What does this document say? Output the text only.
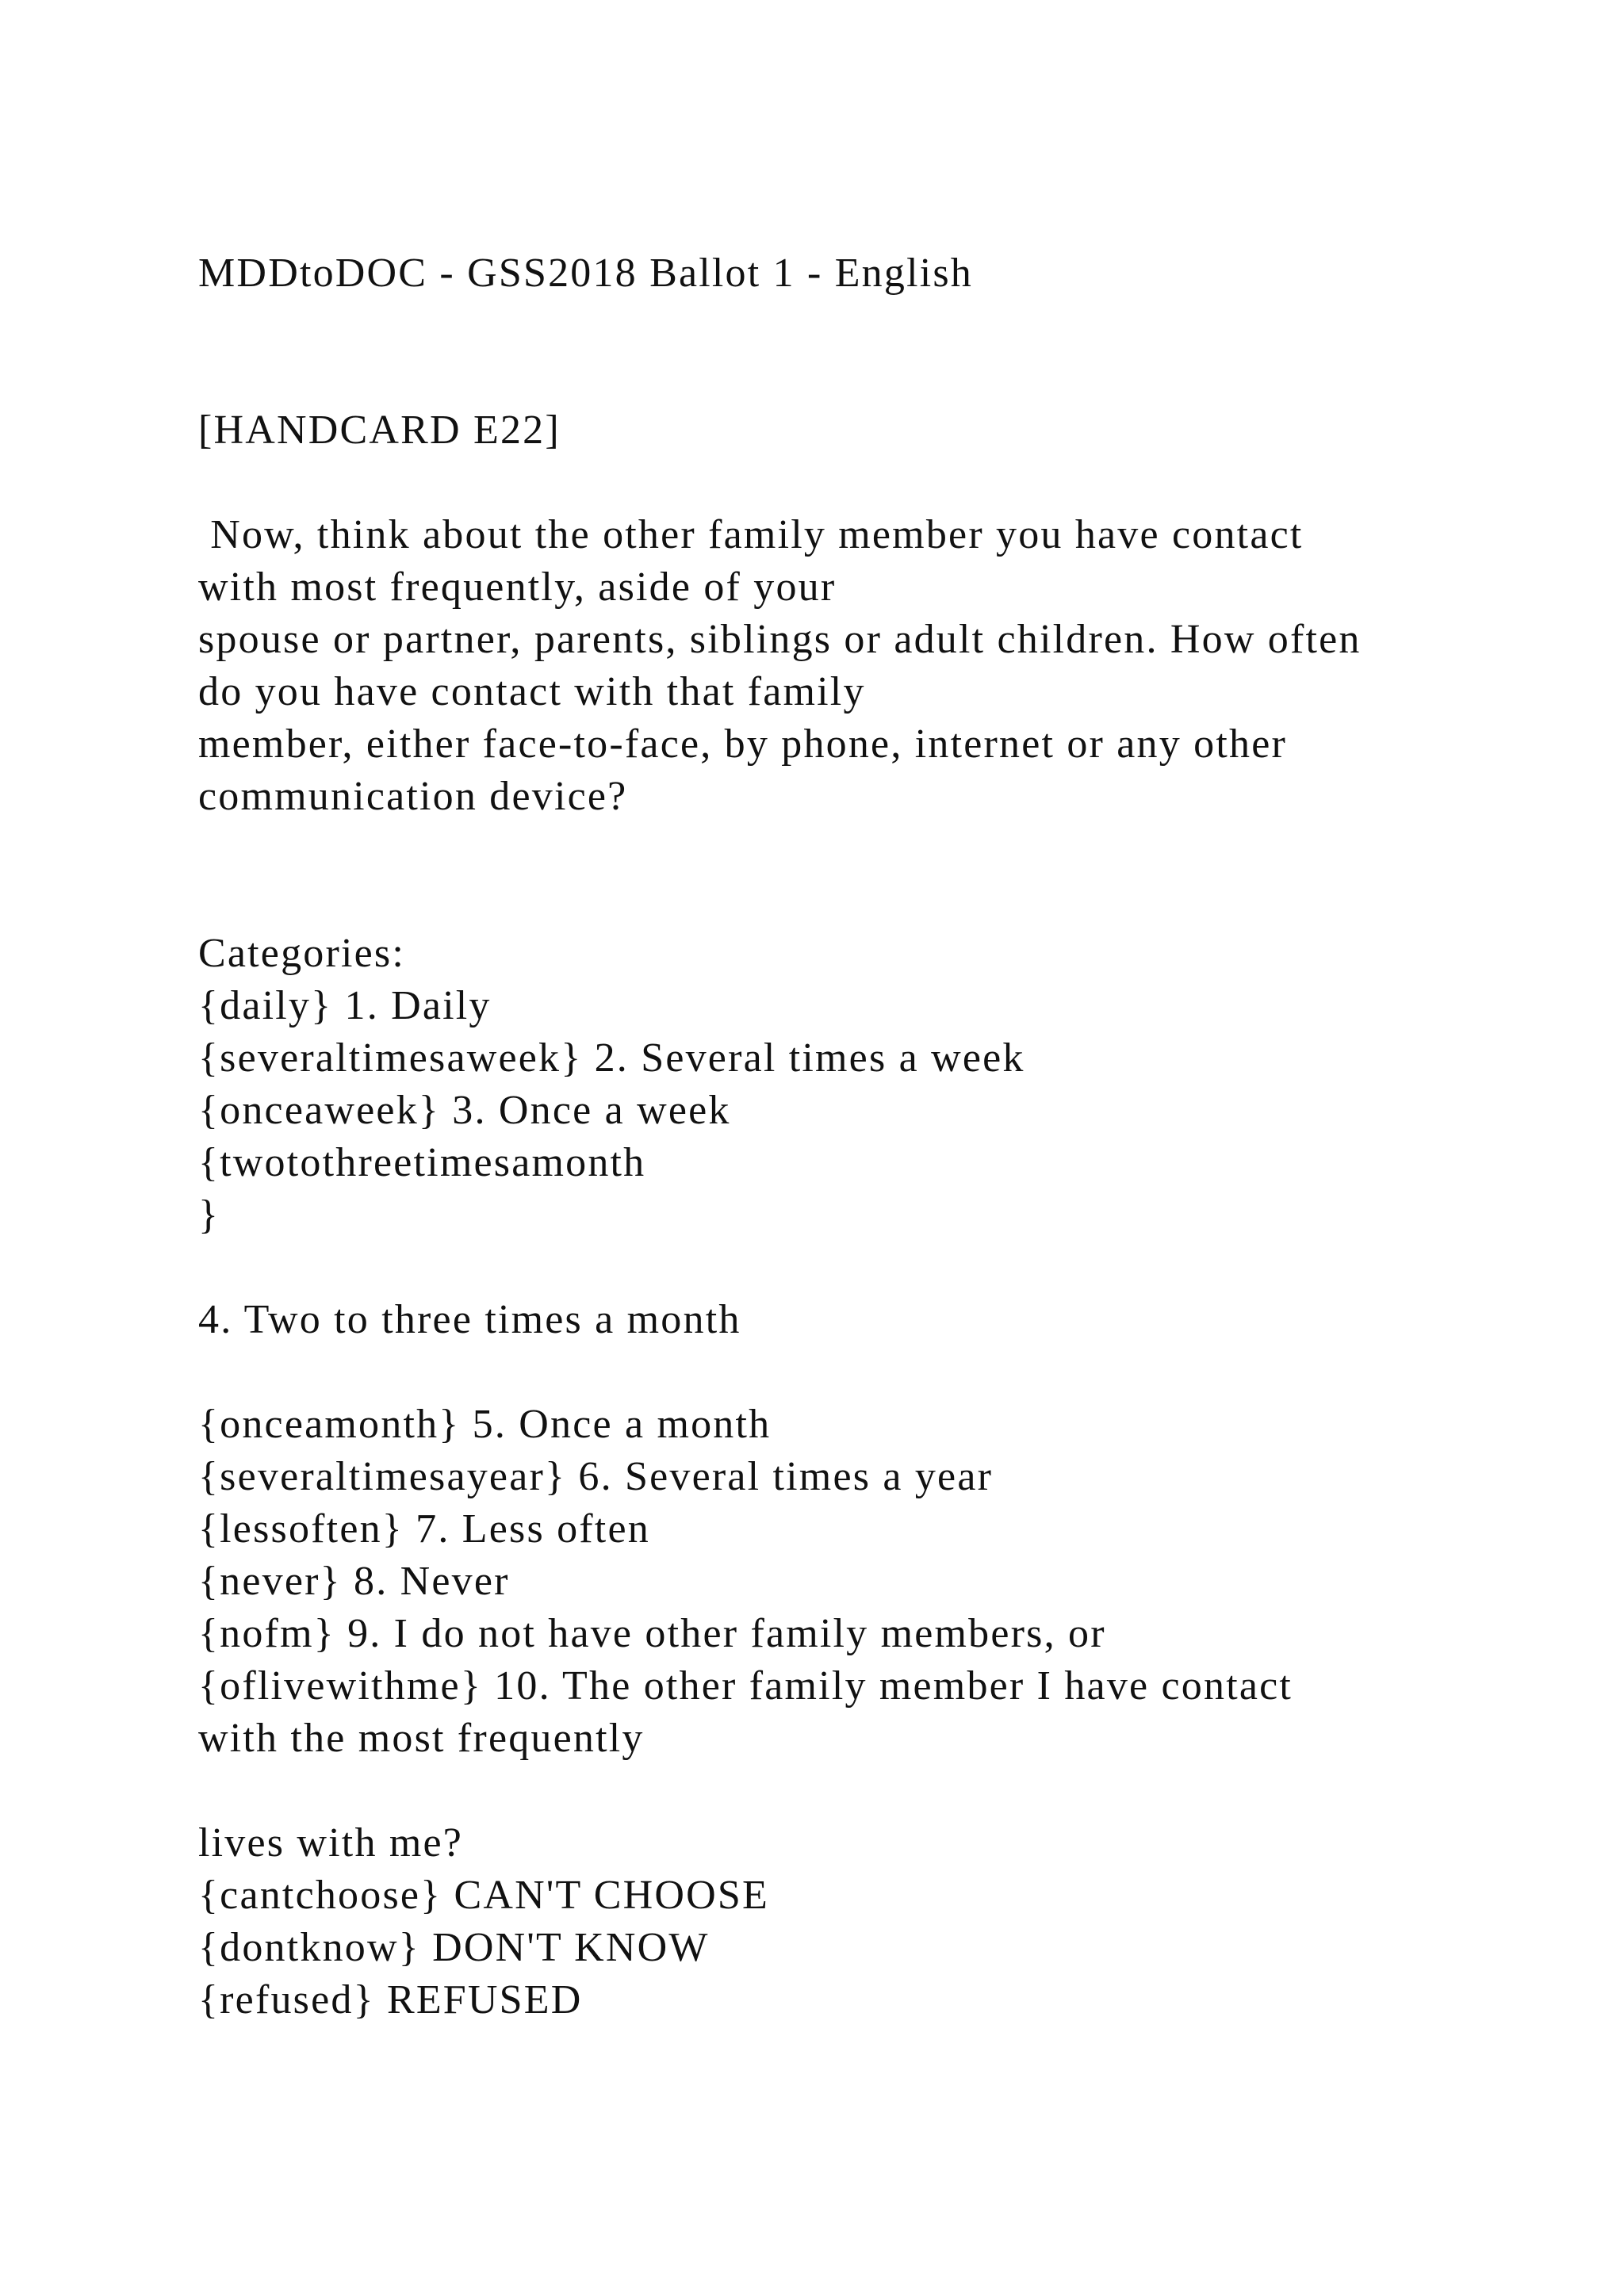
MDDtoDOC - GSS2018 Ballot 1 - English
[HANDCARD E22]
Now, think about the other family member you have contact
with most frequently, aside of your
spouse or partner, parents, siblings or adult children. How often
do you have contact with that family
member, either face-to-face, by phone, internet or any other
communication device?
Categories:
{daily} 1. Daily
{severaltimesaweek} 2. Several times a week
{onceaweek} 3. Once a week
{twotothreetimesamonth
}
4. Two to three times a month
{onceamonth} 5. Once a month
{severaltimesayear} 6. Several times a year
{lessoften} 7. Less often
{never} 8. Never
{nofm} 9. I do not have other family members, or
{oflivewithme} 10. The other family member I have contact
with the most frequently
lives with me?
{cantchoose} CAN'T CHOOSE
{dontknow} DON'T KNOW
{refused} REFUSED
